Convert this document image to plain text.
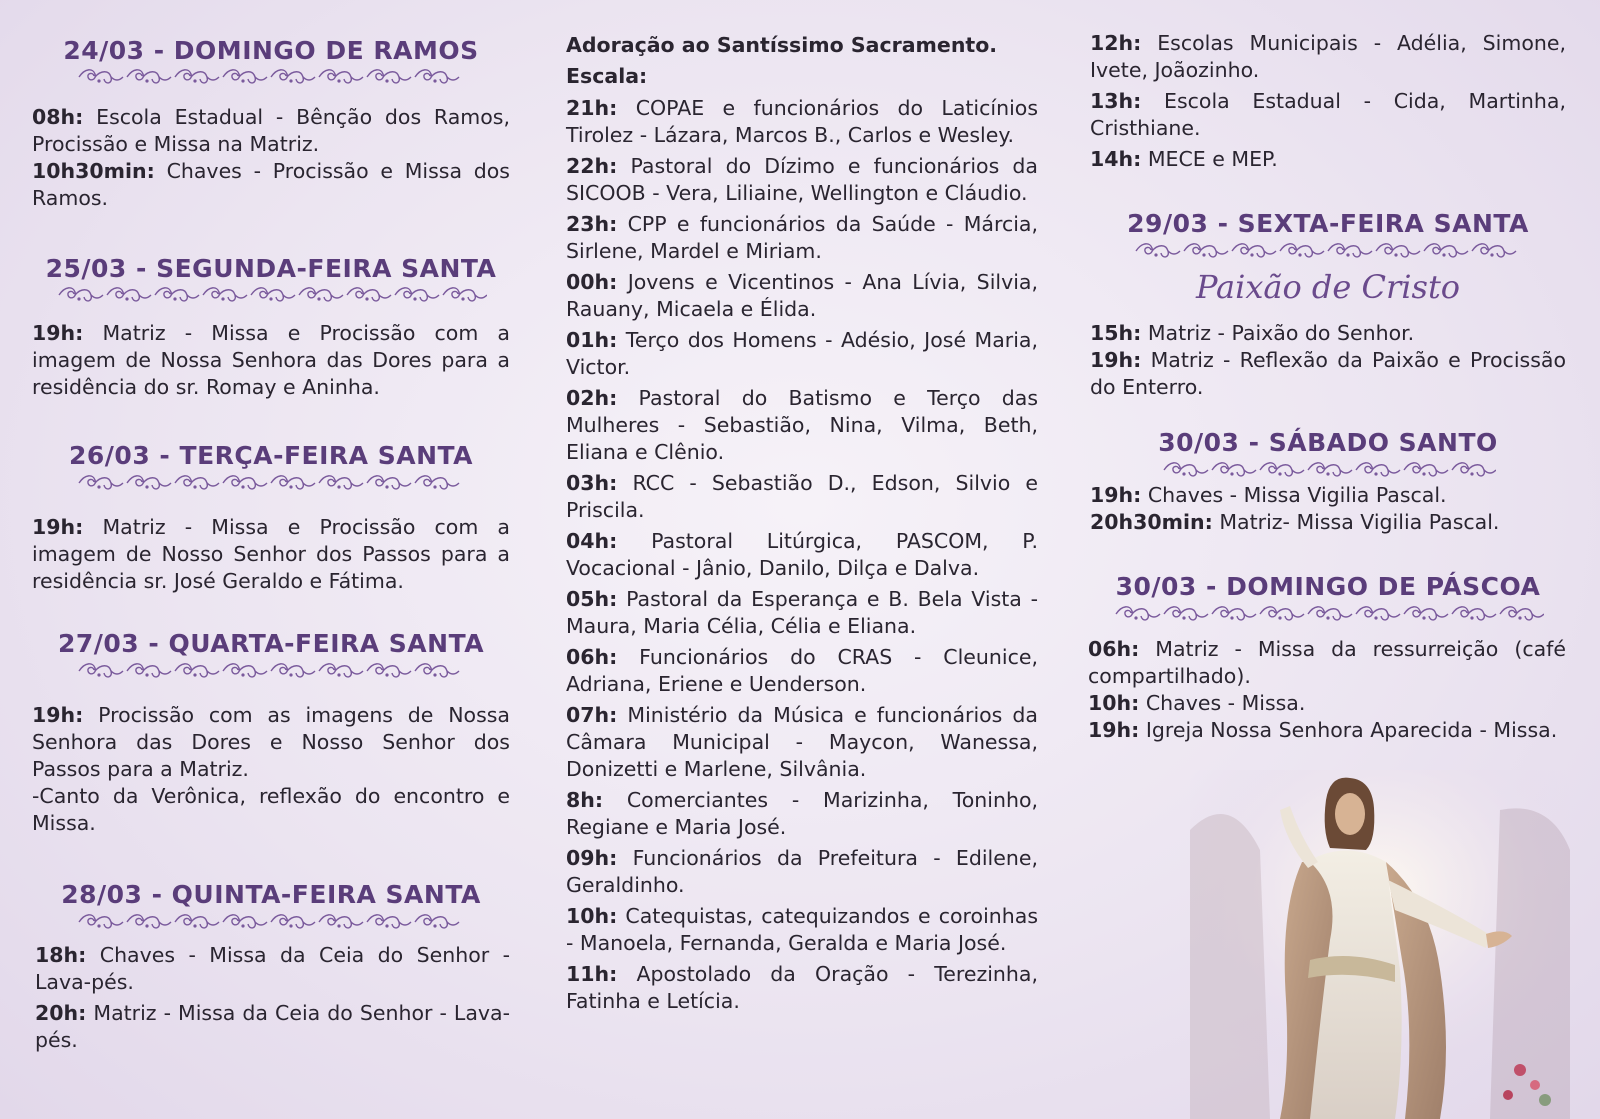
24/03 - DOMINGO DE RAMOS

08h: Escola Estadual - Bênção dos Ramos, Procissão e Missa na Matriz.

10h30min: Chaves - Procissão e Missa dos Ramos.

25/03 - SEGUNDA-FEIRA SANTA

19h: Matriz - Missa e Procissão com a imagem de Nossa Senhora das Dores para a residência do sr. Romay e Aninha.

26/03 - TERÇA-FEIRA SANTA

19h: Matriz - Missa e Procissão com a imagem de Nosso Senhor dos Passos para a residência sr. José Geraldo e Fátima.

27/03 - QUARTA-FEIRA SANTA

19h: Procissão com as imagens de Nossa Senhora das Dores e Nosso Senhor dos Passos para a Matriz.

-Canto da Verônica, reflexão do encontro e Missa.

28/03 - QUINTA-FEIRA SANTA

18h: Chaves - Missa da Ceia do Senhor - Lava-pés.

20h: Matriz - Missa da Ceia do Senhor - Lava-pés.

Adoração ao Santíssimo Sacramento.
Escala:

21h: COPAE e funcionários do Laticínios Tirolez - Lázara, Marcos B., Carlos e Wesley.

22h: Pastoral do Dízimo e funcionários da SICOOB - Vera, Liliaine, Wellington e Cláudio.

23h: CPP e funcionários da Saúde - Márcia, Sirlene, Mardel e Miriam.

00h: Jovens e Vicentinos - Ana Lívia, Silvia, Rauany, Micaela e Élida.

01h: Terço dos Homens - Adésio, José Maria, Victor.

02h: Pastoral do Batismo e Terço das Mulheres - Sebastião, Nina, Vilma, Beth, Eliana e Clênio.

03h: RCC - Sebastião D., Edson, Silvio e Priscila.

04h: Pastoral Litúrgica, PASCOM, P. Vocacional - Jânio, Danilo, Dilça e Dalva.

05h: Pastoral da Esperança e B. Bela Vista - Maura, Maria Célia, Célia e Eliana.

06h: Funcionários do CRAS - Cleunice, Adriana, Eriene e Uenderson.

07h: Ministério da Música e funcionários da Câmara Municipal - Maycon, Wanessa, Donizetti e Marlene, Silvânia.

8h: Comerciantes - Marizinha, Toninho, Regiane e Maria José.

09h: Funcionários da Prefeitura - Edilene, Geraldinho.

10h: Catequistas, catequizandos e coroinhas - Manoela, Fernanda, Geralda e Maria José.

11h: Apostolado da Oração - Terezinha, Fatinha e Letícia.

12h: Escolas Municipais - Adélia, Simone, Ivete, Joãozinho.

13h: Escola Estadual - Cida, Martinha, Cristhiane.

14h: MECE e MEP.

29/03 - SEXTA-FEIRA SANTA
Paixão de Cristo

15h: Matriz - Paixão do Senhor.

19h: Matriz - Reflexão da Paixão e Procissão do Enterro.

30/03 - SÁBADO SANTO

19h: Chaves - Missa Vigilia Pascal.

20h30min: Matriz- Missa Vigilia Pascal.

30/03 - DOMINGO DE PÁSCOA

06h: Matriz - Missa da ressurreição (café compartilhado).

10h: Chaves - Missa.

19h: Igreja Nossa Senhora Aparecida - Missa.
